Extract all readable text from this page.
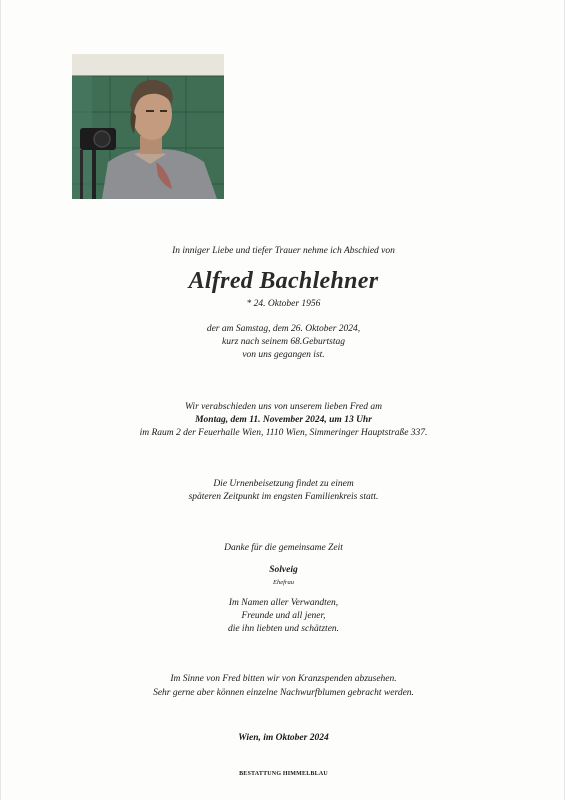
In inniger Liebe und tiefer Trauer nehme ich Abschied von
Alfred Bachlehner
* 24. Oktober 1956
der am Samstag, dem 26. Oktober 2024,
kurz nach seinem 68.Geburtstag
von uns gegangen ist.
Wir verabschieden uns von unserem lieben Fred am
Montag, dem 11. November 2024, um 13 Uhr
im Raum 2 der Feuerhalle Wien, 1110 Wien, Simmeringer Hauptstraße 337.
Die Urnenbeisetzung findet zu einem
späteren Zeitpunkt im engsten Familienkreis statt.
Danke für die gemeinsame Zeit
Solveig
Ehefrau
Im Namen aller Verwandten,
Freunde und all jener,
die ihn liebten und schätzten.
Im Sinne von Fred bitten wir von Kranzspenden abzusehen.
Sehr gerne aber können einzelne Nachwurfblumen gebracht werden.
Wien, im Oktober 2024
BESTATTUNG HIMMELBLAU
